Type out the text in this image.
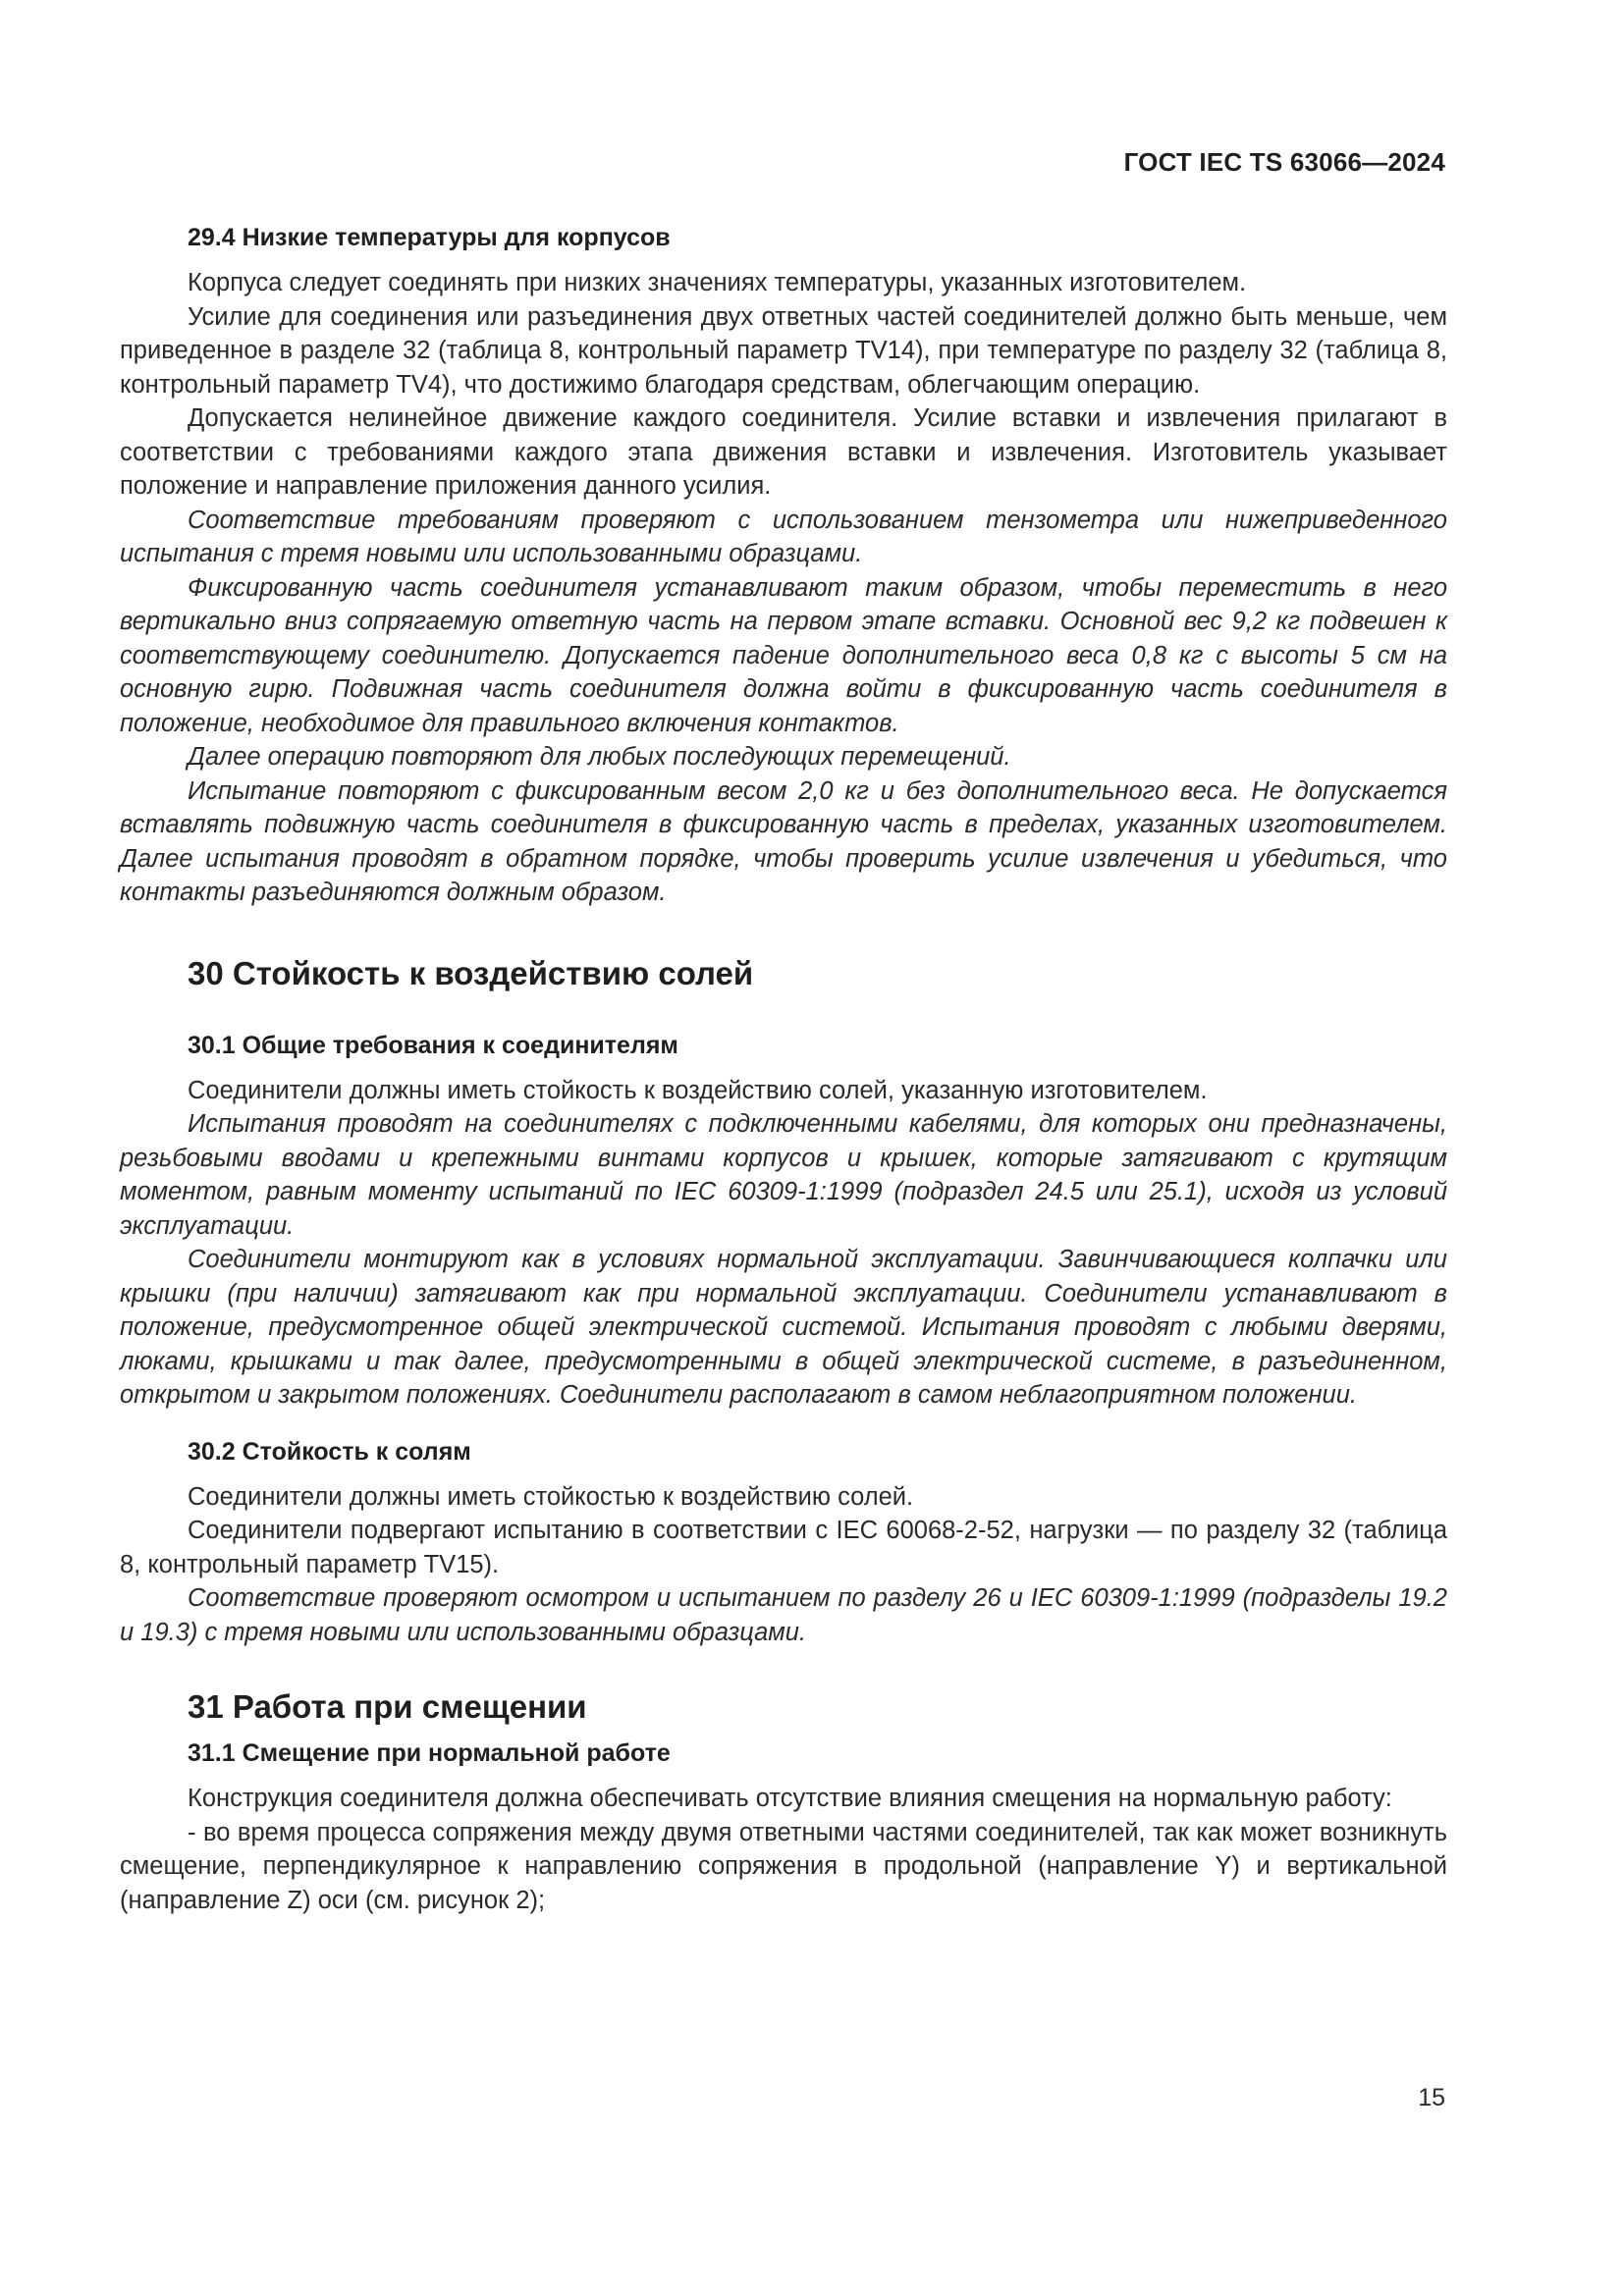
ГОСТ IEC TS 63066—2024
29.4 Низкие температуры для корпусов

Корпуса следует соединять при низких значениях температуры, указанных изготовителем.

Усилие для соединения или разъединения двух ответных частей соединителей должно быть меньше, чем приведенное в разделе 32 (таблица 8, контрольный параметр TV14), при температуре по разделу 32 (таблица 8, контрольный параметр TV4), что достижимо благодаря средствам, облегчающим операцию.

Допускается нелинейное движение каждого соединителя. Усилие вставки и извлечения прилагают в соответствии с требованиями каждого этапа движения вставки и извлечения. Изготовитель указывает положение и направление приложения данного усилия.

Соответствие требованиям проверяют с использованием тензометра или нижеприведенного испытания с тремя новыми или использованными образцами.

Фиксированную часть соединителя устанавливают таким образом, чтобы переместить в него вертикально вниз сопрягаемую ответную часть на первом этапе вставки. Основной вес 9,2 кг подвешен к соответствующему соединителю. Допускается падение дополнительного веса 0,8 кг с высоты 5 см на основную гирю. Подвижная часть соединителя должна войти в фиксированную часть соединителя в положение, необходимое для правильного включения контактов.

Далее операцию повторяют для любых последующих перемещений.

Испытание повторяют с фиксированным весом 2,0 кг и без дополнительного веса. Не допускается вставлять подвижную часть соединителя в фиксированную часть в пределах, указанных изготовителем. Далее испытания проводят в обратном порядке, чтобы проверить усилие извлечения и убедиться, что контакты разъединяются должным образом.

30 Стойкость к воздействию солей
30.1 Общие требования к соединителям

Соединители должны иметь стойкость к воздействию солей, указанную изготовителем.

Испытания проводят на соединителях с подключенными кабелями, для которых они предназначены, резьбовыми вводами и крепежными винтами корпусов и крышек, которые затягивают с крутящим моментом, равным моменту испытаний по IEC 60309-1:1999 (подраздел 24.5 или 25.1), исходя из условий эксплуатации.

Соединители монтируют как в условиях нормальной эксплуатации. Завинчивающиеся колпачки или крышки (при наличии) затягивают как при нормальной эксплуатации. Соединители устанавливают в положение, предусмотренное общей электрической системой. Испытания проводят с любыми дверями, люками, крышками и так далее, предусмотренными в общей электрической системе, в разъединенном, открытом и закрытом положениях. Соединители располагают в самом неблагоприятном положении.

30.2 Стойкость к солям

Соединители должны иметь стойкостью к воздействию солей.

Соединители подвергают испытанию в соответствии с IEC 60068-2-52, нагрузки — по разделу 32 (таблица 8, контрольный параметр TV15).

Соответствие проверяют осмотром и испытанием по разделу 26 и IEC 60309-1:1999 (подразделы 19.2 и 19.3) с тремя новыми или использованными образцами.

31 Работа при смещении
31.1 Смещение при нормальной работе

Конструкция соединителя должна обеспечивать отсутствие влияния смещения на нормальную работу:

- во время процесса сопряжения между двумя ответными частями соединителей, так как может возникнуть смещение, перпендикулярное к направлению сопряжения в продольной (направление Y) и вертикальной (направление Z) оси (см. рисунок 2);

15
